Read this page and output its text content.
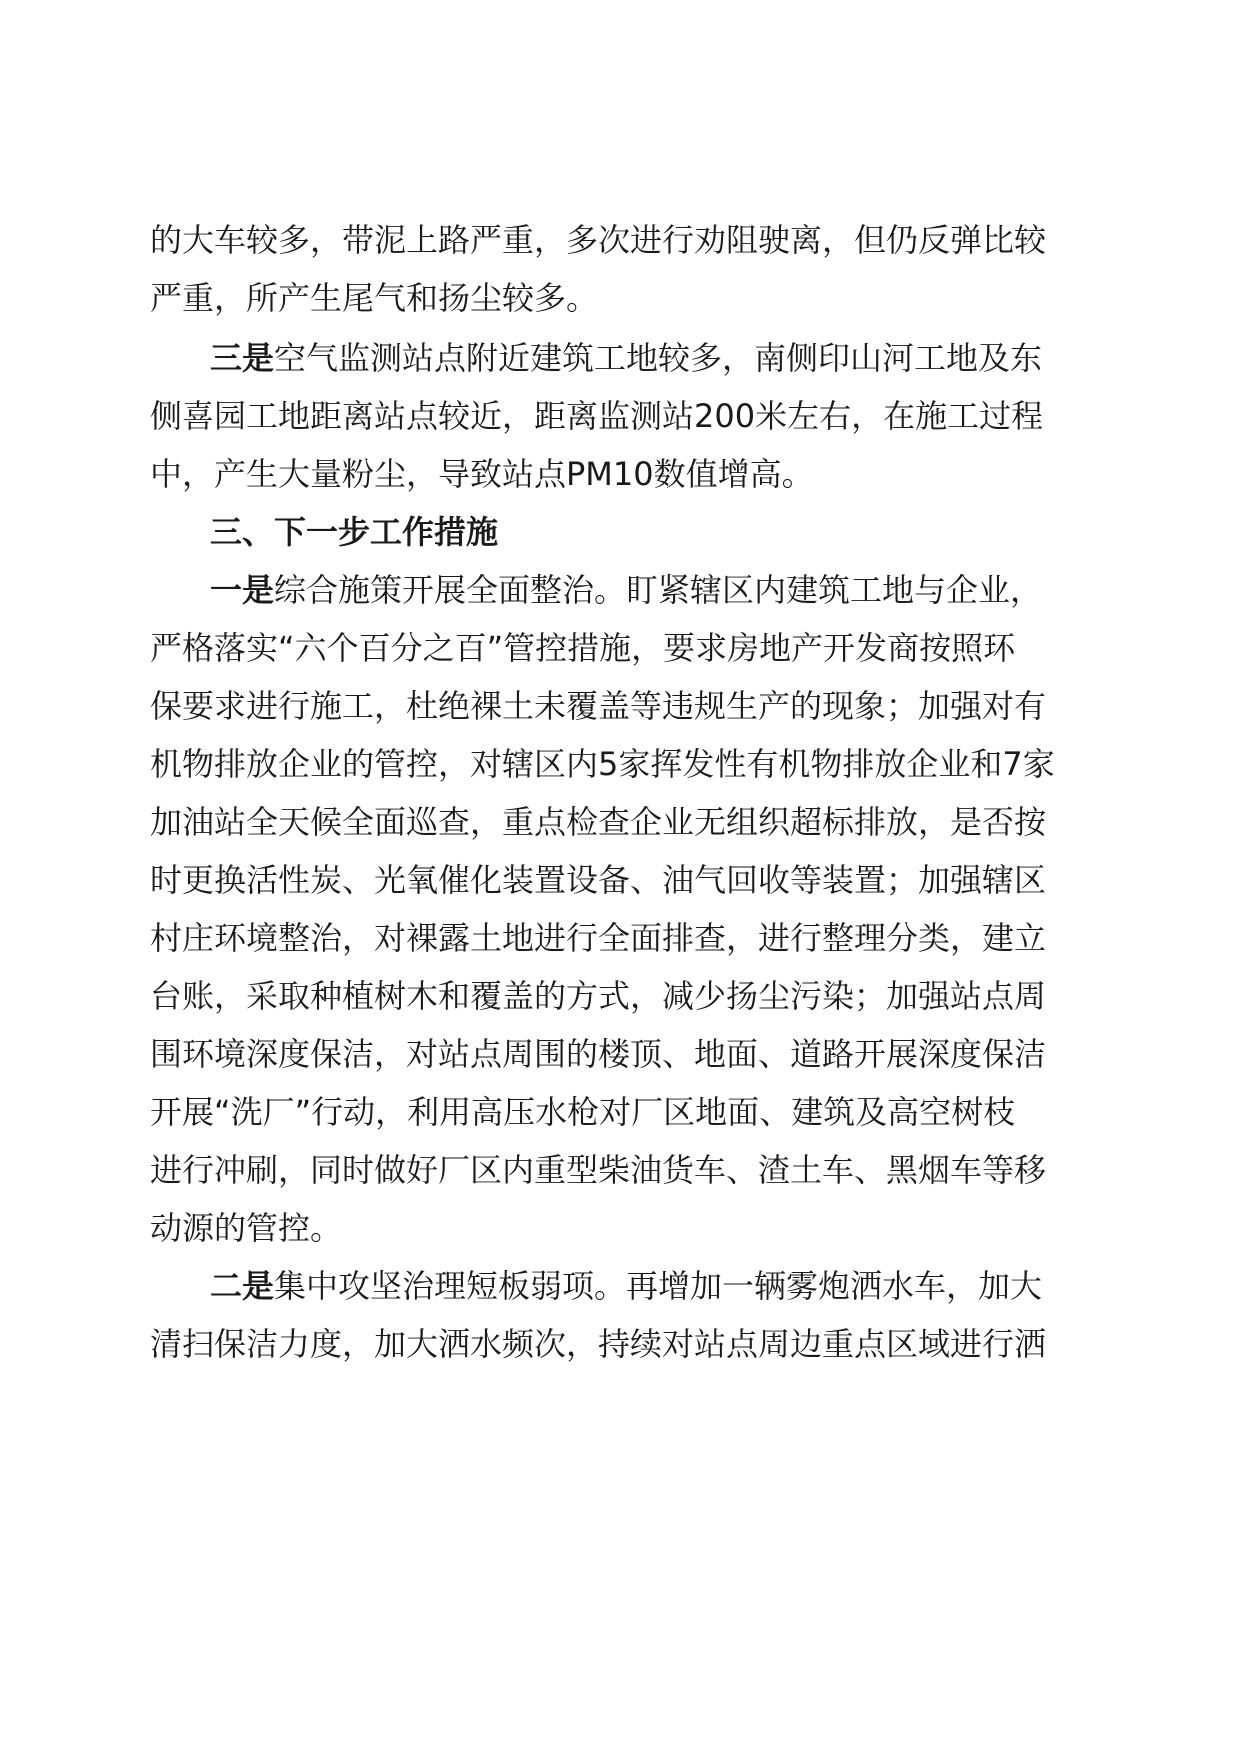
的大车较多，带泥上路严重，多次进行劝阻驶离，但仍反弹比较
严重，所产生尾气和扬尘较多。
三是空气监测站点附近建筑工地较多，南侧印山河工地及东
侧喜园工地距离站点较近，距离监测站200米左右，在施工过程
中，产生大量粉尘，导致站点PM10数值增高。
三、下一步工作措施
一是综合施策开展全面整治。盯紧辖区内建筑工地与企业，
严格落实“六个百分之百”管控措施，要求房地产开发商按照环
保要求进行施工，杜绝裸土未覆盖等违规生产的现象；加强对有
机物排放企业的管控，对辖区内5家挥发性有机物排放企业和7家
加油站全天候全面巡查，重点检查企业无组织超标排放，是否按
时更换活性炭、光氧催化装置设备、油气回收等装置；加强辖区
村庄环境整治，对裸露土地进行全面排查，进行整理分类，建立
台账，采取种植树木和覆盖的方式，减少扬尘污染；加强站点周
围环境深度保洁，对站点周围的楼顶、地面、道路开展深度保洁
开展“洗厂”行动，利用高压水枪对厂区地面、建筑及高空树枝
进行冲刷，同时做好厂区内重型柴油货车、渣土车、黑烟车等移
动源的管控。
二是集中攻坚治理短板弱项。再增加一辆雾炮洒水车，加大
清扫保洁力度，加大洒水频次，持续对站点周边重点区域进行洒
